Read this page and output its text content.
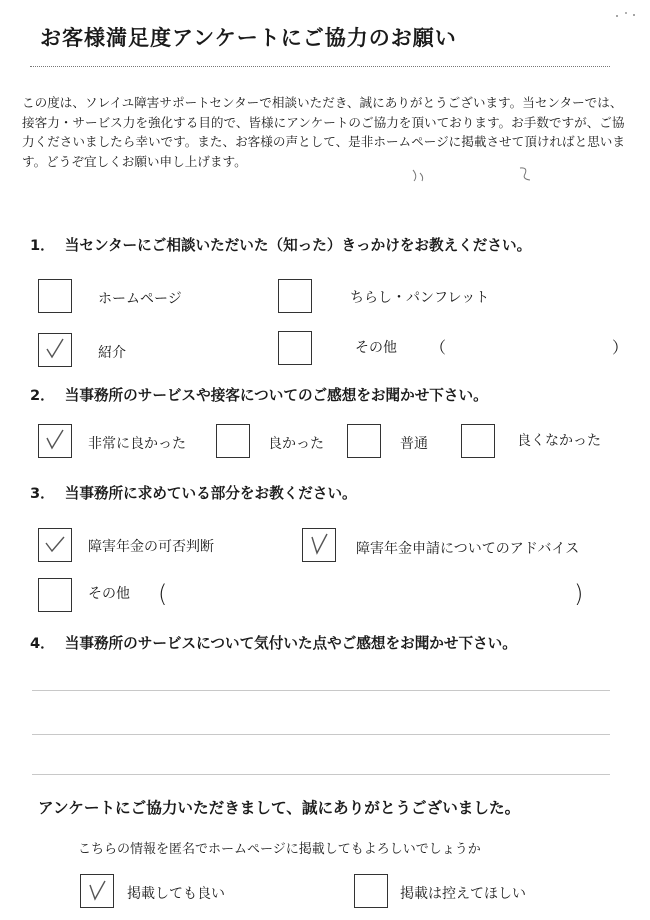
お客様満足度アンケートにご協力のお願い
この度は、ソレイユ障害サポートセンターで相談いただき、誠にありがとうございます。当センターでは、接客力・サービス力を強化する目的で、皆様にアンケートのご協力を頂いております。お手数ですが、ご協力くださいましたら幸いです。また、お客様の声として、是非ホームページに掲載させて頂ければと思います。どうぞ宜しくお願い申し上げます。
1． 当センターにご相談いただいた（知った）きっかけをお教えください。
ホームページ	ちらし・パンフレット
紹介	その他 （	）
2． 当事務所のサービスや接客についてのご感想をお聞かせ下さい。
非常に良かった	良かった	普通	良くなかった
3． 当事務所に求めている部分をお教ください。
障害年金の可否判断	障害年金申請についてのアドバイス
その他 (	)
4． 当事務所のサービスについて気付いた点やご感想をお聞かせ下さい。
アンケートにご協力いただきまして、誠にありがとうございました。
こちらの情報を匿名でホームページに掲載してもよろしいでしょうか
掲載しても良い	掲載は控えてほしい
